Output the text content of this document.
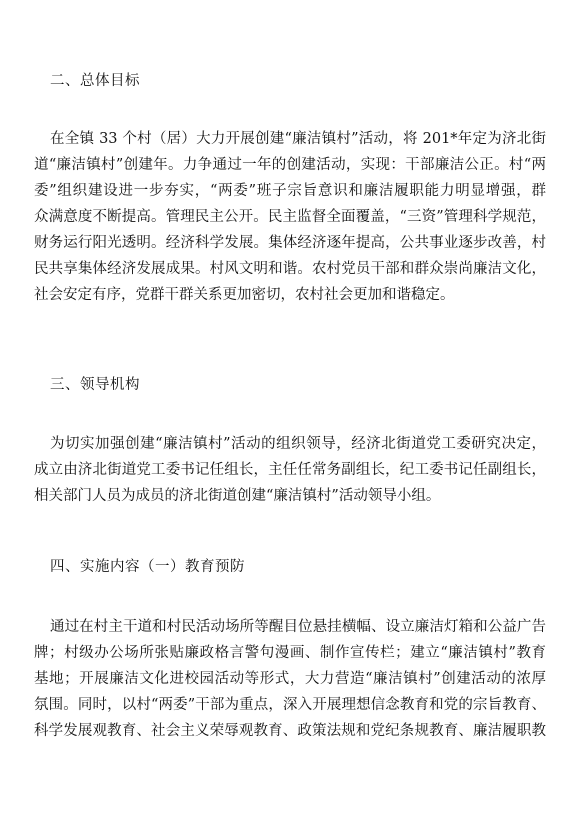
二、总体目标
在全镇 33 个村（居）大力开展创建“廉洁镇村”活动，将 201*年定为济北街
道“廉洁镇村”创建年。力争通过一年的创建活动，实现：干部廉洁公正。村“两
委”组织建设进一步夯实，“两委”班子宗旨意识和廉洁履职能力明显增强，群
众满意度不断提高。管理民主公开。民主监督全面覆盖，“三资”管理科学规范，
财务运行阳光透明。经济科学发展。集体经济逐年提高，公共事业逐步改善，村
民共享集体经济发展成果。村风文明和谐。农村党员干部和群众崇尚廉洁文化，
社会安定有序，党群干群关系更加密切，农村社会更加和谐稳定。
三、领导机构
为切实加强创建“廉洁镇村”活动的组织领导，经济北街道党工委研究决定，
成立由济北街道党工委书记任组长，主任任常务副组长，纪工委书记任副组长，
相关部门人员为成员的济北街道创建“廉洁镇村”活动领导小组。
四、实施内容（一）教育预防
通过在村主干道和村民活动场所等醒目位悬挂横幅、设立廉洁灯箱和公益广告
牌；村级办公场所张贴廉政格言警句漫画、制作宣传栏；建立“廉洁镇村”教育
基地；开展廉洁文化进校园活动等形式，大力营造“廉洁镇村”创建活动的浓厚
氛围。同时，以村“两委”干部为重点，深入开展理想信念教育和党的宗旨教育、
科学发展观教育、社会主义荣辱观教育、政策法规和党纪条规教育、廉洁履职教
